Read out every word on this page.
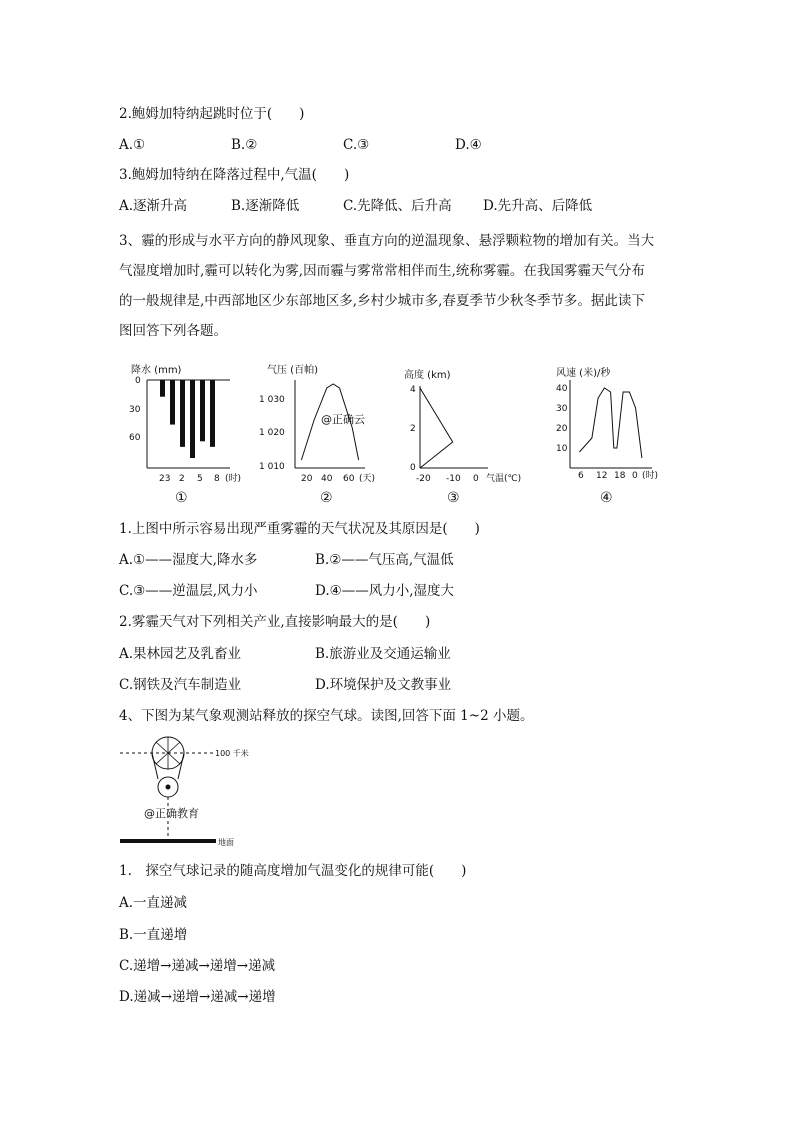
2.鲍姆加特纳起跳时位于(　　)
A.①	B.②	C.③	D.④
3.鲍姆加特纳在降落过程中,气温(　　)
A.逐渐升高	B.逐渐降低	C.先降低、后升高 D.先升高、后降低
3、霾的形成与水平方向的静风现象、垂直方向的逆温现象、悬浮颗粒物的增加有关。当大
气湿度增加时,霾可以转化为雾,因而霾与雾常常相伴而生,统称雾霾。在我国雾霾天气分布
的一般规律是,中西部地区少东部地区多,乡村少城市多,春夏季节少秋冬季节多。据此读下
图回答下列各题。
降水 (mm)
0
30
60
23 2 5 8 (时)
①
气压 (百帕)
1 030
1 020
1 010
@正确云
20 40 60 (天)
②
高度 (km)
4
2
0
-20 -10 0 气温(℃)
③
风速 (米)/秒
40
30
20
10
6 12 18 0 (时)
④
1.上图中所示容易出现严重雾霾的天气状况及其原因是(　　)
A.①——湿度大,降水多	B.②——气压高,气温低
C.③——逆温层,风力小	D.④——风力小,湿度大
2.雾霾天气对下列相关产业,直接影响最大的是(　　)
A.果林园艺及乳畜业	B.旅游业及交通运输业
C.钢铁及汽车制造业	D.环境保护及文教事业
4、下图为某气象观测站释放的探空气球。读图,回答下面 1~2 小题。
100 千米
@正确教育
地面
1.　探空气球记录的随高度增加气温变化的规律可能(　　)
A.一直递减
B.一直递增
C.递增→递减→递增→递减
D.递减→递增→递减→递增
